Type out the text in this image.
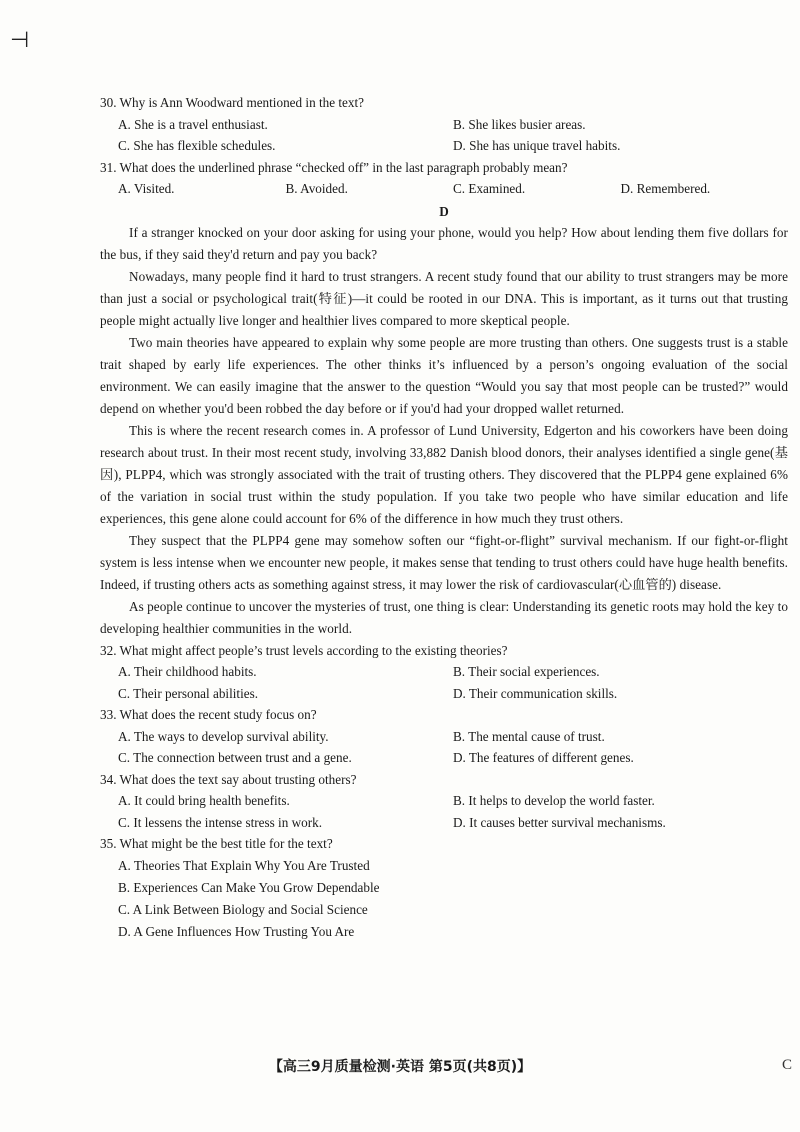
⊣
C

30. Why is Ann Woodward mentioned in the text?

A. She is a travel enthusiast.	B. She likes busier areas.
C. She has flexible schedules.	D. She has unique travel habits.

31. What does the underlined phrase “checked off” in the last paragraph probably mean?

A. Visited.	B. Avoided.	C. Examined.	D. Remembered.

D

If a stranger knocked on your door asking for using your phone, would you help? How about lending them five dollars for the bus, if they said they'd return and pay you back?

Nowadays, many people find it hard to trust strangers. A recent study found that our ability to trust strangers may be more than just a social or psychological trait(特征)—it could be rooted in our DNA. This is important, as it turns out that trusting people might actually live longer and healthier lives compared to more skeptical people.

Two main theories have appeared to explain why some people are more trusting than others. One suggests trust is a stable trait shaped by early life experiences. The other thinks it’s influenced by a person’s ongoing evaluation of the social environment. We can easily imagine that the answer to the question “Would you say that most people can be trusted?” would depend on whether you'd been robbed the day before or if you'd had your dropped wallet returned.

This is where the recent research comes in. A professor of Lund University, Edgerton and his coworkers have been doing research about trust. In their most recent study, involving 33,882 Danish blood donors, their analyses identified a single gene(基因), PLPP4, which was strongly associated with the trait of trusting others. They discovered that the PLPP4 gene explained 6% of the variation in social trust within the study population. If you take two people who have similar education and life experiences, this gene alone could account for 6% of the difference in how much they trust others.

They suspect that the PLPP4 gene may somehow soften our “fight-or-flight” survival mechanism. If our fight-or-flight system is less intense when we encounter new people, it makes sense that tending to trust others could have huge health benefits. Indeed, if trusting others acts as something against stress, it may lower the risk of cardiovascular(心血管的) disease.

As people continue to uncover the mysteries of trust, one thing is clear: Understanding its genetic roots may hold the key to developing healthier communities in the world.

32. What might affect people’s trust levels according to the existing theories?

A. Their childhood habits.	B. Their social experiences.
C. Their personal abilities.	D. Their communication skills.

33. What does the recent study focus on?

A. The ways to develop survival ability.	B. The mental cause of trust.
C. The connection between trust and a gene.	D. The features of different genes.

34. What does the text say about trusting others?

A. It could bring health benefits.	B. It helps to develop the world faster.
C. It lessens the intense stress in work.	D. It causes better survival mechanisms.

35. What might be the best title for the text?

A. Theories That Explain Why You Are Trusted
B. Experiences Can Make You Grow Dependable
C. A Link Between Biology and Social Science
D. A Gene Influences How Trusting You Are
【高三9月质量检测·英语 第5页(共8页)】
